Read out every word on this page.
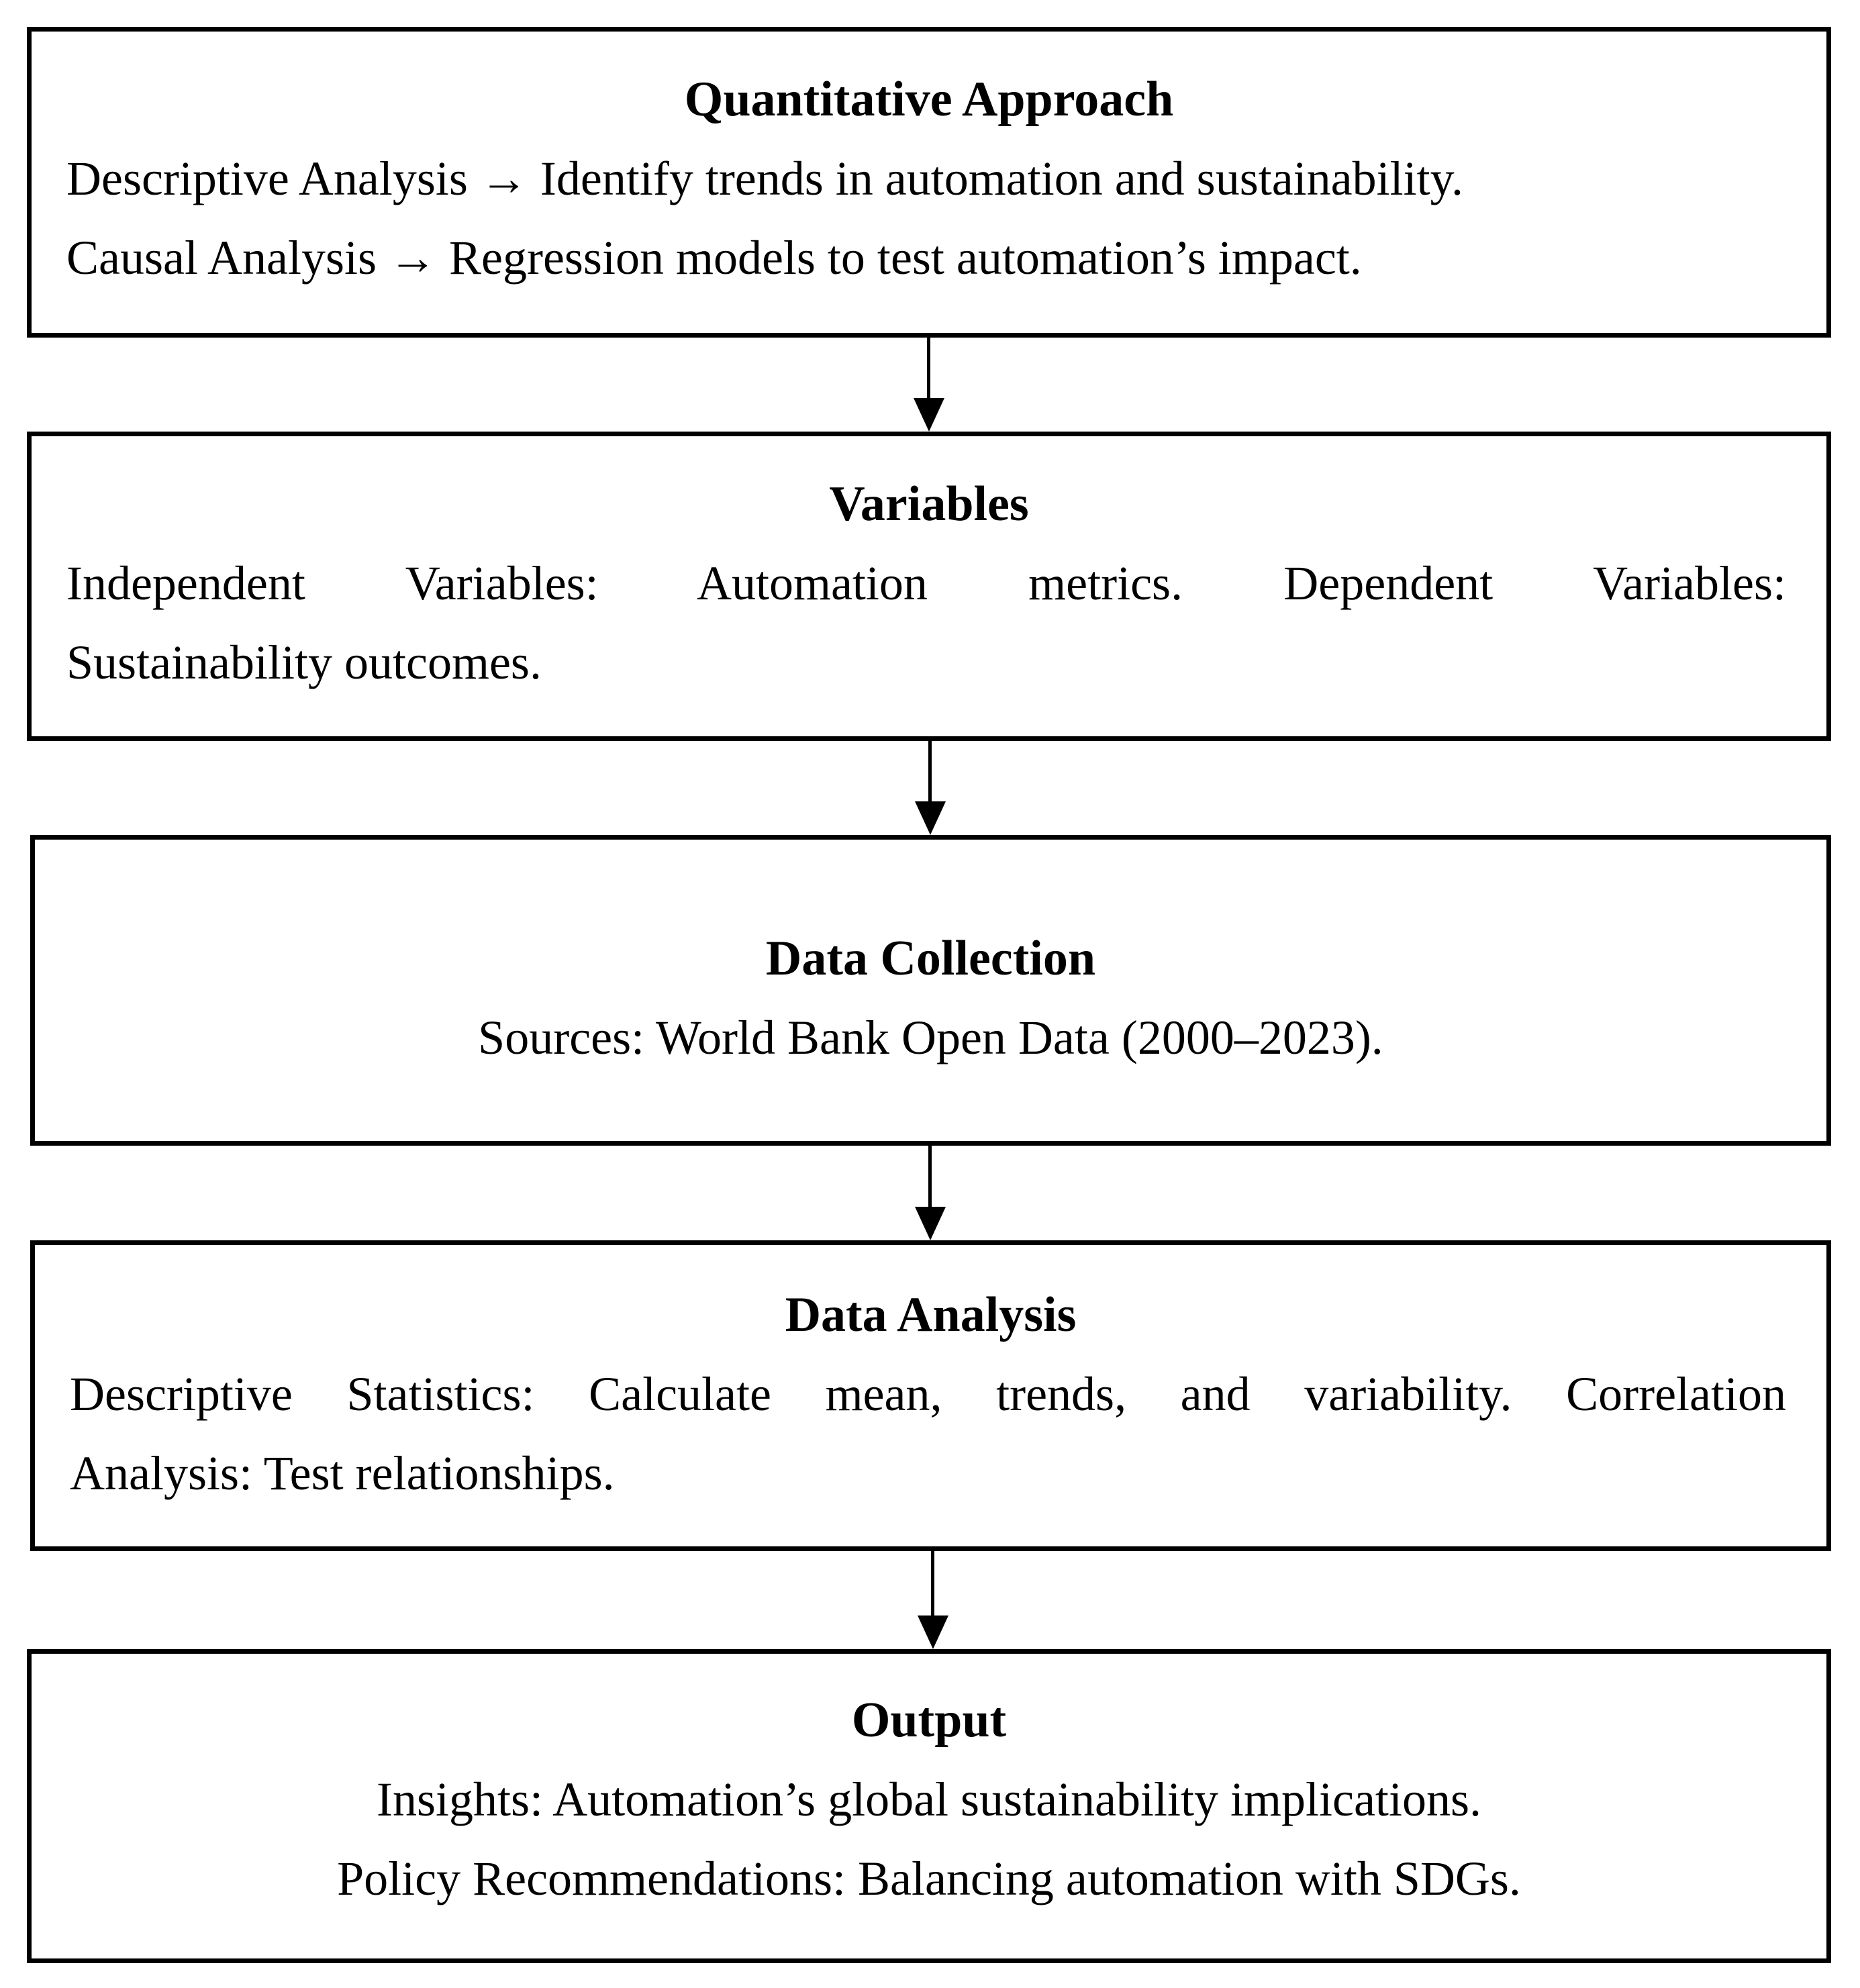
Quantitative Approach
Descriptive Analysis → Identify trends in automation and sustainability.
Causal Analysis → Regression models to test automation’s impact.
Variables
Independent Variables: Automation metrics. Dependent Variables:
Sustainability outcomes.
Data Collection
Sources: World Bank Open Data (2000–2023).
Data Analysis
Descriptive Statistics: Calculate mean, trends, and variability. Correlation
Analysis: Test relationships.
Output
Insights: Automation’s global sustainability implications.
Policy Recommendations: Balancing automation with SDGs.
